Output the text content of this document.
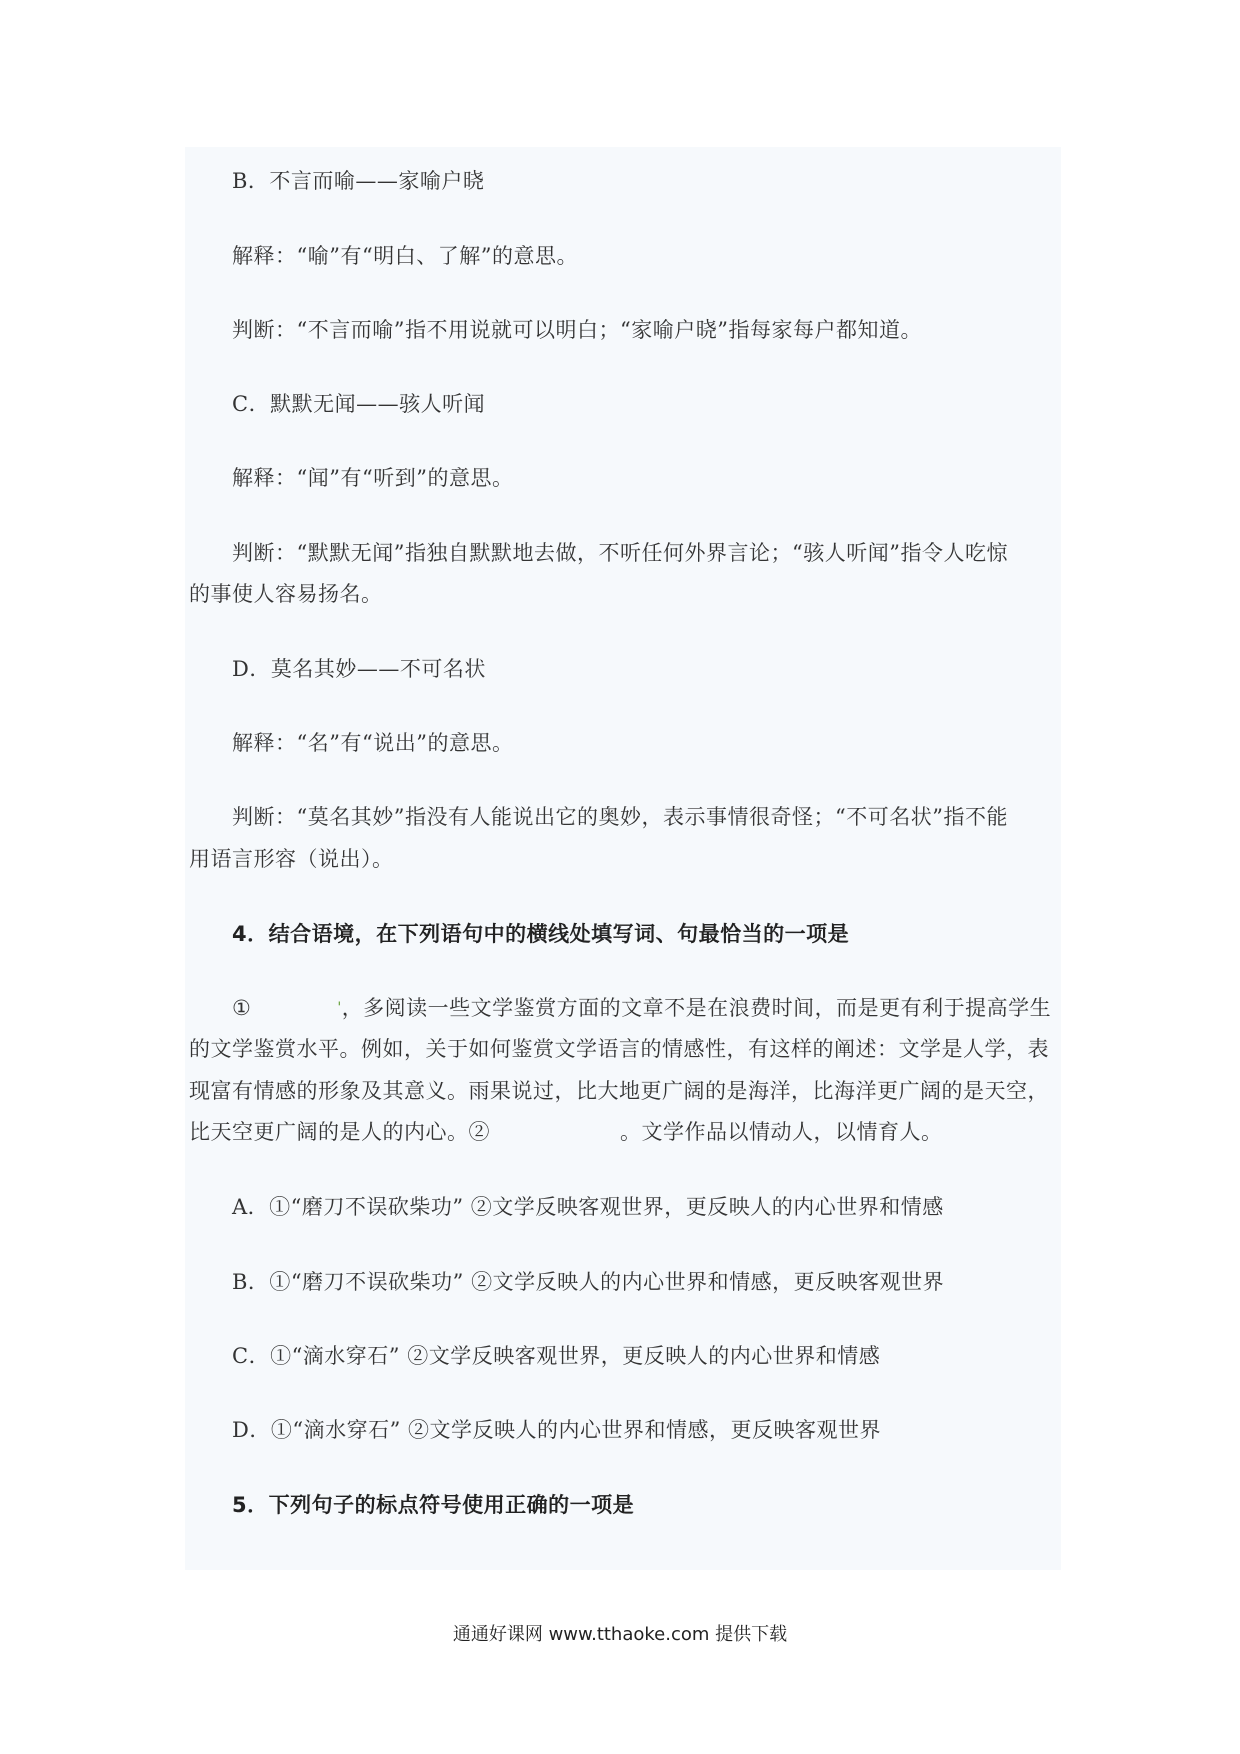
B．不言而喻——家喻户晓
解释：“喻”有“明白、了解”的意思。
判断：“不言而喻”指不用说就可以明白；“家喻户晓”指每家每户都知道。
C．默默无闻——骇人听闻
解释：“闻”有“听到”的意思。
判断：“默默无闻”指独自默默地去做，不听任何外界言论；“骇人听闻”指令人吃惊
的事使人容易扬名。
D．莫名其妙——不可名状
解释：“名”有“说出”的意思。
判断：“莫名其妙”指没有人能说出它的奥妙，表示事情很奇怪；“不可名状”指不能
用语言形容（说出）。
4．结合语境，在下列语句中的横线处填写词、句最恰当的一项是
①	'，多阅读一些文学鉴赏方面的文章不是在浪费时间，而是更有利于提高学生
的文学鉴赏水平。例如，关于如何鉴赏文学语言的情感性，有这样的阐述：文学是人学，表
现富有情感的形象及其意义。雨果说过，比大地更广阔的是海洋，比海洋更广阔的是天空，
比天空更广阔的是人的内心。②	。文学作品以情动人，以情育人。
A．①“磨刀不误砍柴功” ②文学反映客观世界，更反映人的内心世界和情感
B．①“磨刀不误砍柴功” ②文学反映人的内心世界和情感，更反映客观世界
C．①“滴水穿石” ②文学反映客观世界，更反映人的内心世界和情感
D．①“滴水穿石” ②文学反映人的内心世界和情感，更反映客观世界
5．下列句子的标点符号使用正确的一项是
通通好课网 www.tthaoke.com 提供下载
